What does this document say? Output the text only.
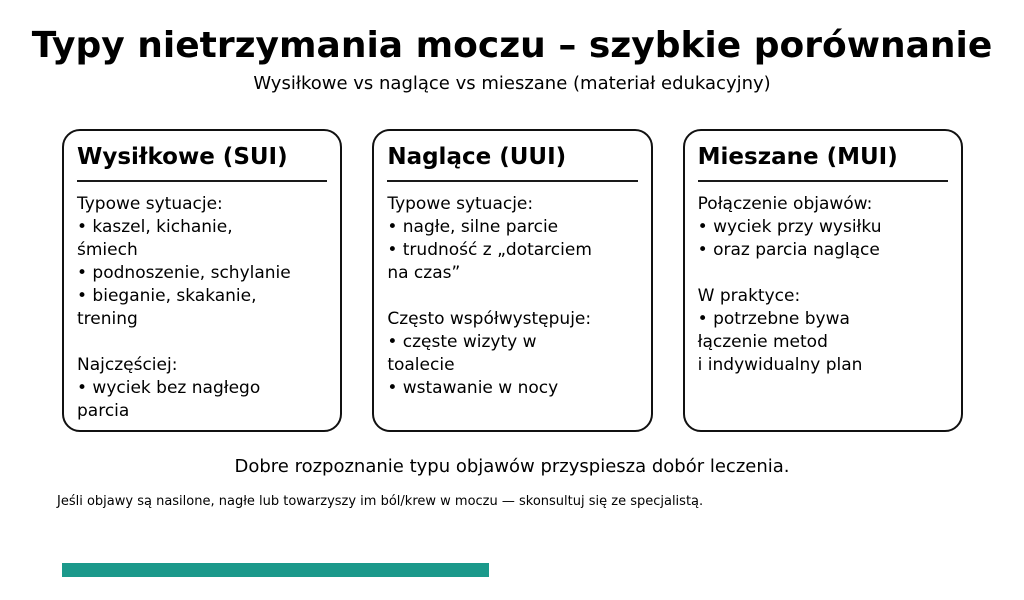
Typy nietrzymania moczu – szybkie porównanie
Wysiłkowe vs naglące vs mieszane (materiał edukacyjny)
Wysiłkowe (SUI)
Typowe sytuacje:
• kaszel, kichanie,
śmiech
• podnoszenie, schylanie
• bieganie, skakanie,
trening

Najczęściej:
• wyciek bez nagłego
parcia
Naglące (UUI)
Typowe sytuacje:
• nagłe, silne parcie
• trudność z „dotarciem
na czas”

Często współwystępuje:
• częste wizyty w
toalecie
• wstawanie w nocy
Mieszane (MUI)
Połączenie objawów:
• wyciek przy wysiłku
• oraz parcia naglące

W praktyce:
• potrzebne bywa
łączenie metod
i indywidualny plan
Dobre rozpoznanie typu objawów przyspiesza dobór leczenia.
Jeśli objawy są nasilone, nagłe lub towarzyszy im ból/krew w moczu — skonsultuj się ze specjalistą.
